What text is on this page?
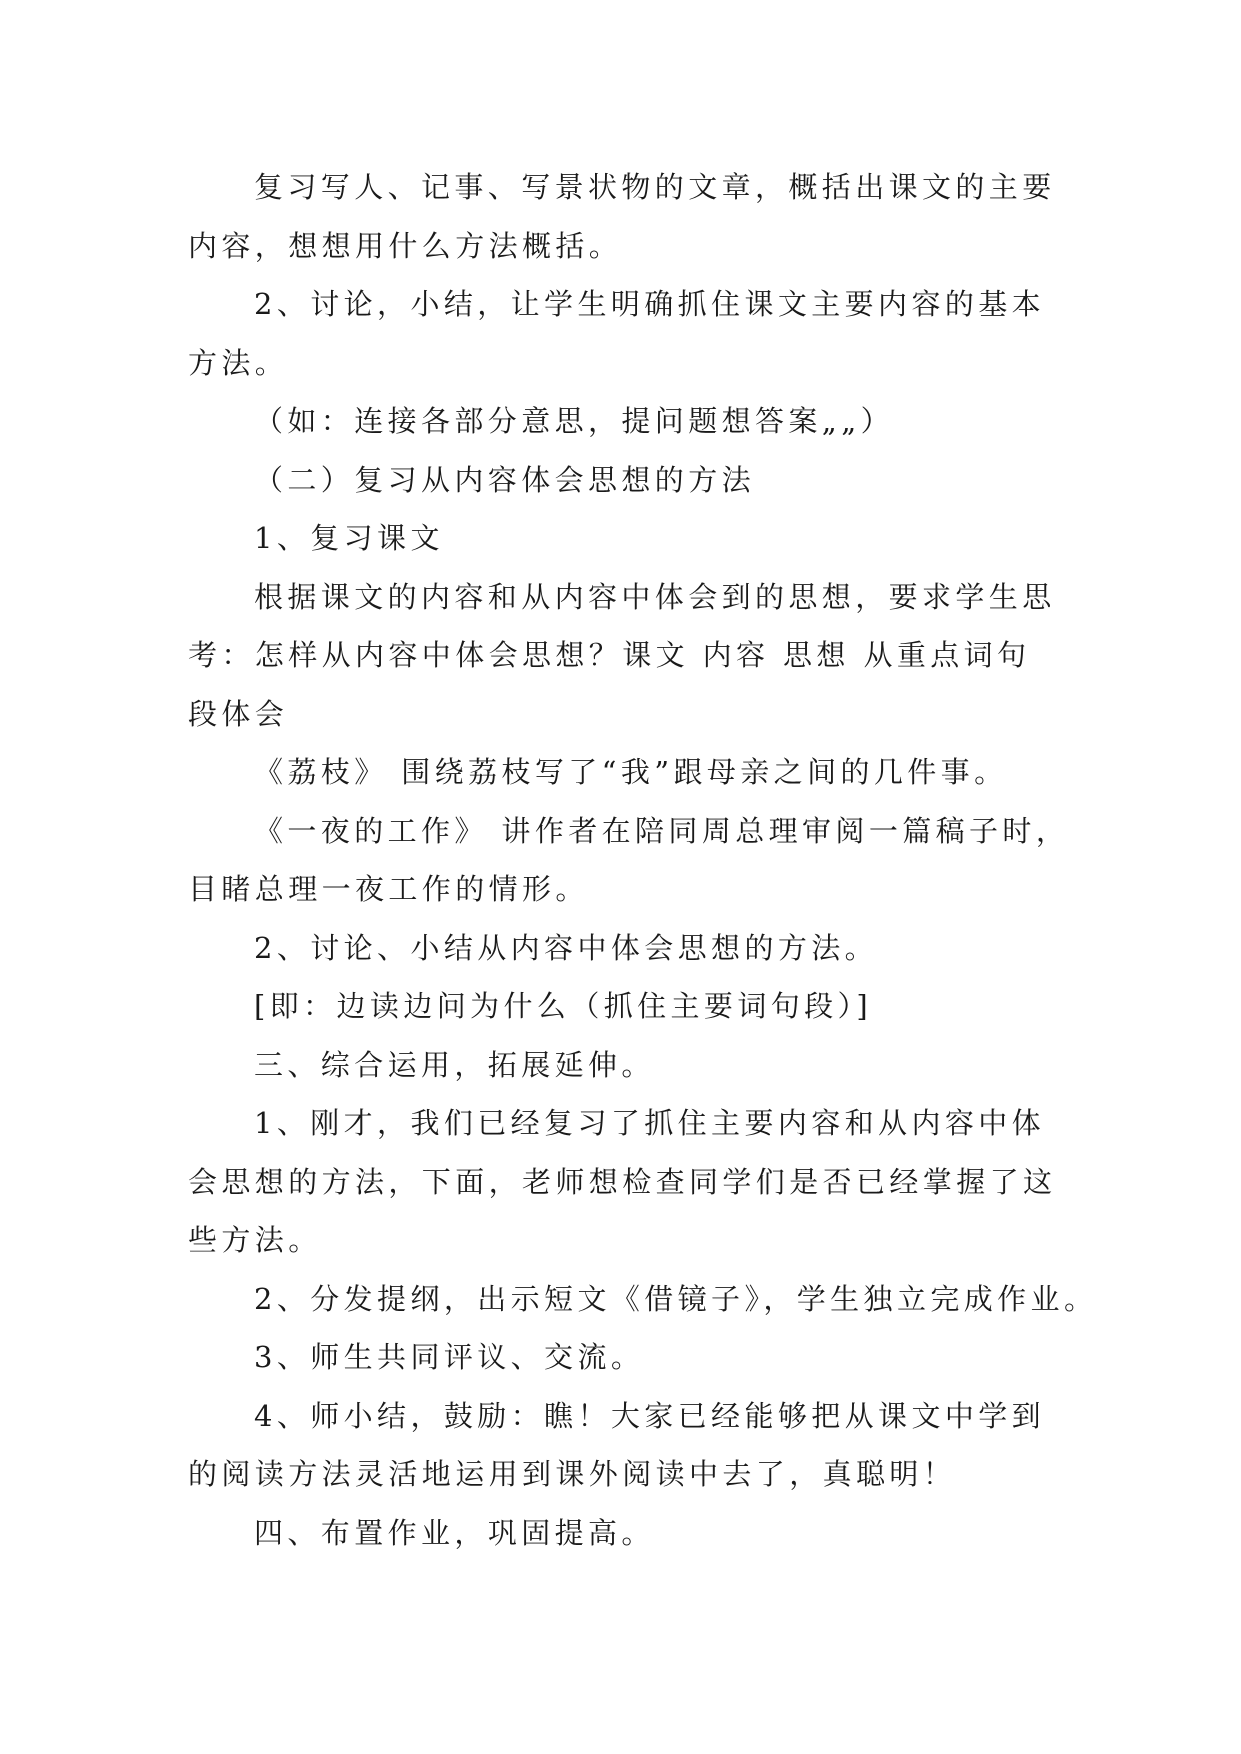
复习写人、记事、写景状物的文章，概括出课文的主要

内容，想想用什么方法概括。

2、讨论，小结，让学生明确抓住课文主要内容的基本

方法。

（如：连接各部分意思，提问题想答案„„）

（二）复习从内容体会思想的方法

1、复习课文

根据课文的内容和从内容中体会到的思想，要求学生思

考：怎样从内容中体会思想？课文 内容 思想 从重点词句

段体会

《荔枝》 围绕荔枝写了“我”跟母亲之间的几件事。

《一夜的工作》 讲作者在陪同周总理审阅一篇稿子时，

目睹总理一夜工作的情形。

2、讨论、小结从内容中体会思想的方法。

[即：边读边问为什么（抓住主要词句段）]

三、综合运用，拓展延伸。

1、刚才，我们已经复习了抓住主要内容和从内容中体

会思想的方法，下面，老师想检查同学们是否已经掌握了这

些方法。

2、分发提纲，出示短文《借镜子》，学生独立完成作业。

3、师生共同评议、交流。

4、师小结，鼓励：瞧！大家已经能够把从课文中学到

的阅读方法灵活地运用到课外阅读中去了，真聪明！

四、布置作业，巩固提高。
